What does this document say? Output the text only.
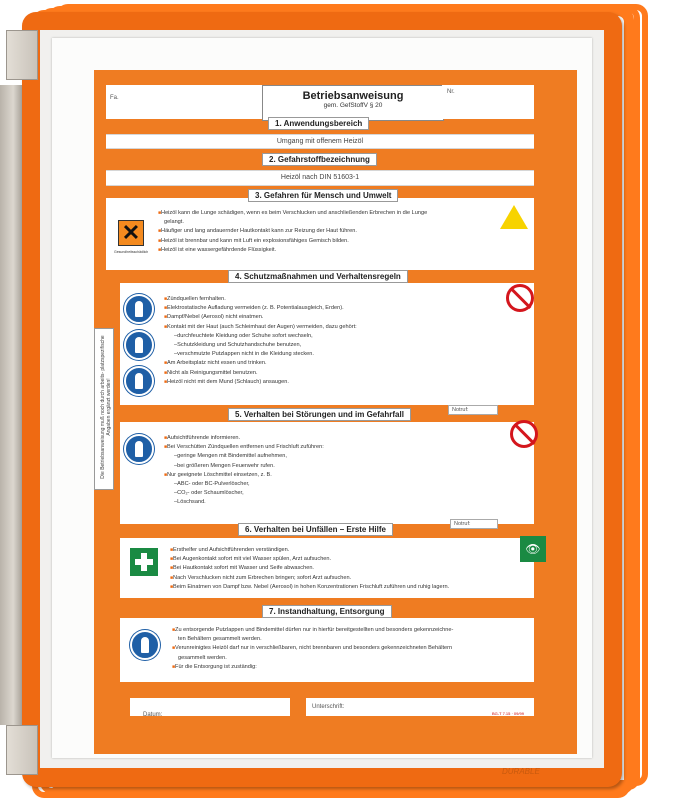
DURABLE
Fa.	Betriebsanweisung
gem. GefStoffV § 20
Nr.
Umgang mit offenem Heizöl
1. Anwendungsbereich
Heizöl nach DIN 51603-1
2. Gefahrstoffbezeichnung
3. Gefahren für Mensch und Umwelt
✕
Gesundheitsschädlich
■ Heizöl kann die Lunge schädigen, wenn es beim Verschlucken und anschließenden Erbrechen in die Lunge
gelangt.
■ Häufiger und lang andauernder Hautkontakt kann zur Reizung der Haut führen.
■ Heizöl ist brennbar und kann mit Luft ein explosionsfähiges Gemisch bilden.
■ Heizöl ist eine wassergefährdende Flüssigkeit.
4. Schutzmaßnahmen und Verhaltensregeln
■ Zündquellen fernhalten.
■ Elektrostatische Aufladung vermeiden (z. B. Potentialausgleich, Erden).
■ Dampf/Nebel (Aerosol) nicht einatmen.
■ Kontakt mit der Haut (auch Schleimhaut der Augen) vermeiden, dazu gehört:
– durchfeuchtete Kleidung oder Schuhe sofort wechseln,
– Schutzkleidung und Schutzhandschuhe benutzen,
– verschmutzte Putzlappen nicht in die Kleidung stecken.
■ Am Arbeitsplatz nicht essen und trinken.
■ Nicht als Reinigungsmittel benutzen.
■ Heizöl nicht mit dem Mund (Schlauch) ansaugen.
Die Betriebsanweisung muß noch durch arbeits- platzspezifische Angaben ergänzt werden!	5. Verhalten bei Störungen und im Gefahrfall	Notruf:
■ Aufsichtführende informieren.
■ Bei Verschütten Zündquellen entfernen und Frischluft zuführen:
– geringe Mengen mit Bindemittel aufnehmen,
– bei größeren Mengen Feuerwehr rufen.
■ Nur geeignete Löschmittel einsetzen, z. B.
– ABC- oder BC-Pulverlöscher,
– CO₂- oder Schaumlöscher,
– Löschsand.
6. Verhalten bei Unfällen – Erste Hilfe
Notruf:
👁
■ Ersthelfer und Aufsichtführenden verständigen.
■ Bei Augenkontakt sofort mit viel Wasser spülen, Arzt aufsuchen.
■ Bei Hautkontakt sofort mit Wasser und Seife abwaschen.
■ Nach Verschlucken nicht zum Erbrechen bringen; sofort Arzt aufsuchen.
■ Beim Einatmen von Dampf bzw. Nebel (Aerosol) in hohen Konzentrationen Frischluft zuführen und ruhig lagern.
7. Instandhaltung, Entsorgung
■ Zu entsorgende Putzlappen und Bindemittel dürfen nur in hierfür bereitgestellten und besonders gekennzeichne-
ten Behältern gesammelt werden.
■ Verunreinigtes Heizöl darf nur in verschließbaren, nicht brennbaren und besonders gekennzeichneten Behältern
gesammelt werden.
■ Für die Entsorgung ist zuständig:
Datum:
Unterschrift:
BG-T 7.15 · 09/99
